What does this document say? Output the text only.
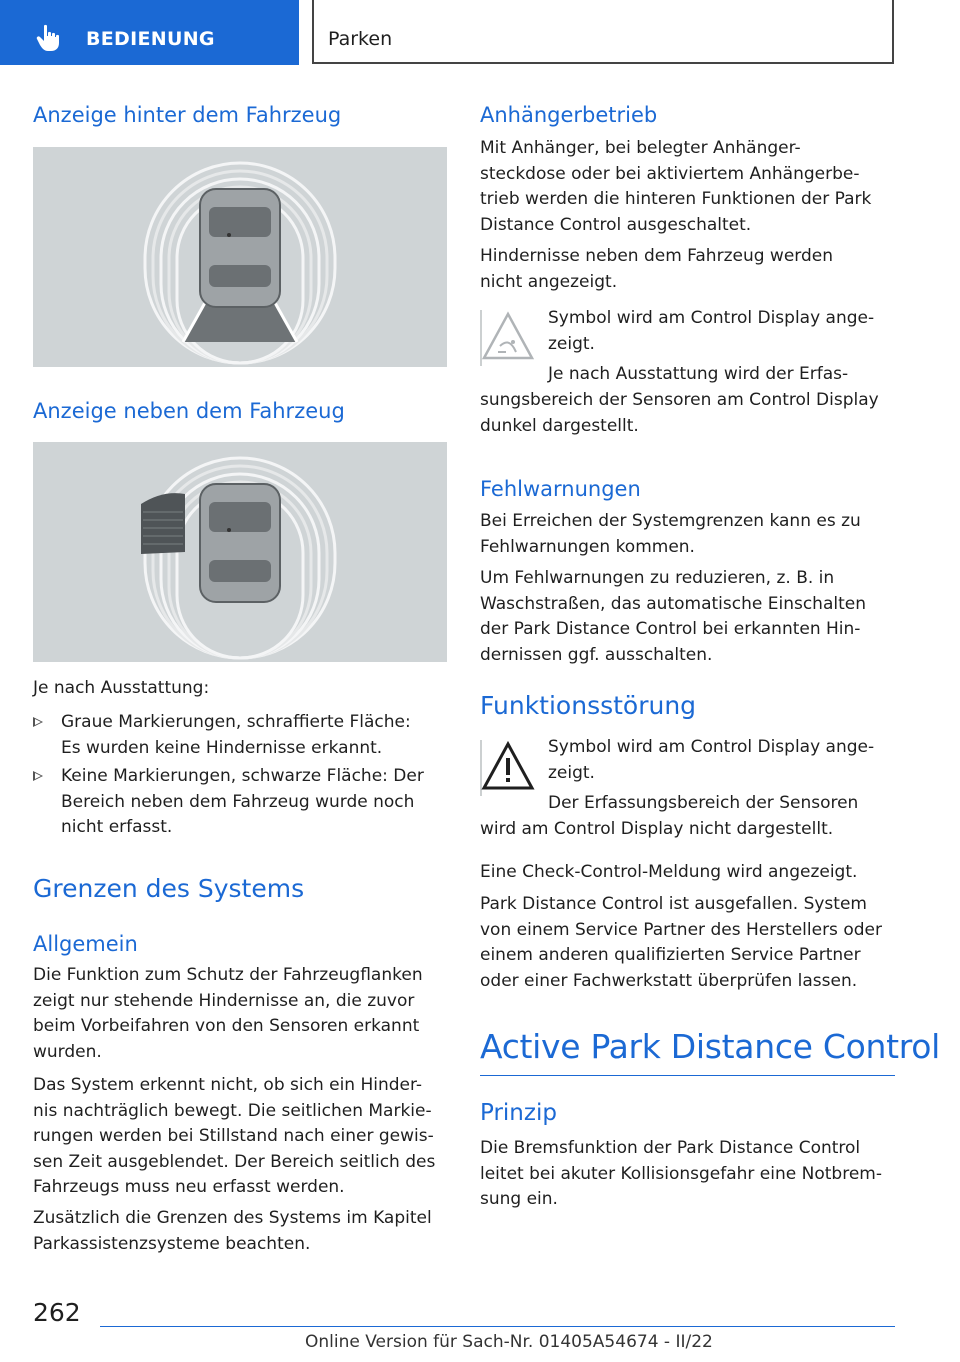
BEDIENUNG	Parken
Anzeige hinter dem Fahrzeug
Anzeige neben dem Fahrzeug

Je nach Ausstattung:

Graue Markierungen, schraffierte Fläche:
Es wurden keine Hindernisse erkannt.
Keine Markierungen, schwarze Fläche: Der
Bereich neben dem Fahrzeug wurde noch
nicht erfasst.
Grenzen des Systems
Allgemein
Die Funktion zum Schutz der Fahrzeugflanken
zeigt nur stehende Hindernisse an, die zuvor
beim Vorbeifahren von den Sensoren erkannt
wurden.
Das System erkennt nicht, ob sich ein Hinder-
nis nachträglich bewegt. Die seitlichen Markie-
rungen werden bei Stillstand nach einer gewis-
sen Zeit ausgeblendet. Der Bereich seitlich des
Fahrzeugs muss neu erfasst werden.
Zusätzlich die Grenzen des Systems im Kapitel
Parkassistenzsysteme beachten.
Anhängerbetrieb
Mit Anhänger, bei belegter Anhänger-
steckdose oder bei aktiviertem Anhängerbe-
trieb werden die hinteren Funktionen der Park
Distance Control ausgeschaltet.
Hindernisse neben dem Fahrzeug werden
nicht angezeigt.
Symbol wird am Control Display ange-
zeigt.
Je nach Ausstattung wird der Erfas-
sungsbereich der Sensoren am Control Display
dunkel dargestellt.
Fehlwarnungen
Bei Erreichen der Systemgrenzen kann es zu
Fehlwarnungen kommen.
Um Fehlwarnungen zu reduzieren, z. B. in
Waschstraßen, das automatische Einschalten
der Park Distance Control bei erkannten Hin-
dernissen ggf. ausschalten.
Funktionsstörung
Symbol wird am Control Display ange-
zeigt.
Der Erfassungsbereich der Sensoren
wird am Control Display nicht dargestellt.
Eine Check-Control-Meldung wird angezeigt.
Park Distance Control ist ausgefallen. System
von einem Service Partner des Herstellers oder
einem anderen qualifizierten Service Partner
oder einer Fachwerkstatt überprüfen lassen.
Active Park Distance Control
Prinzip
Die Bremsfunktion der Park Distance Control
leitet bei akuter Kollisionsgefahr eine Notbrem-
sung ein.
262
Online Version für Sach-Nr. 01405A54674 - II/22
